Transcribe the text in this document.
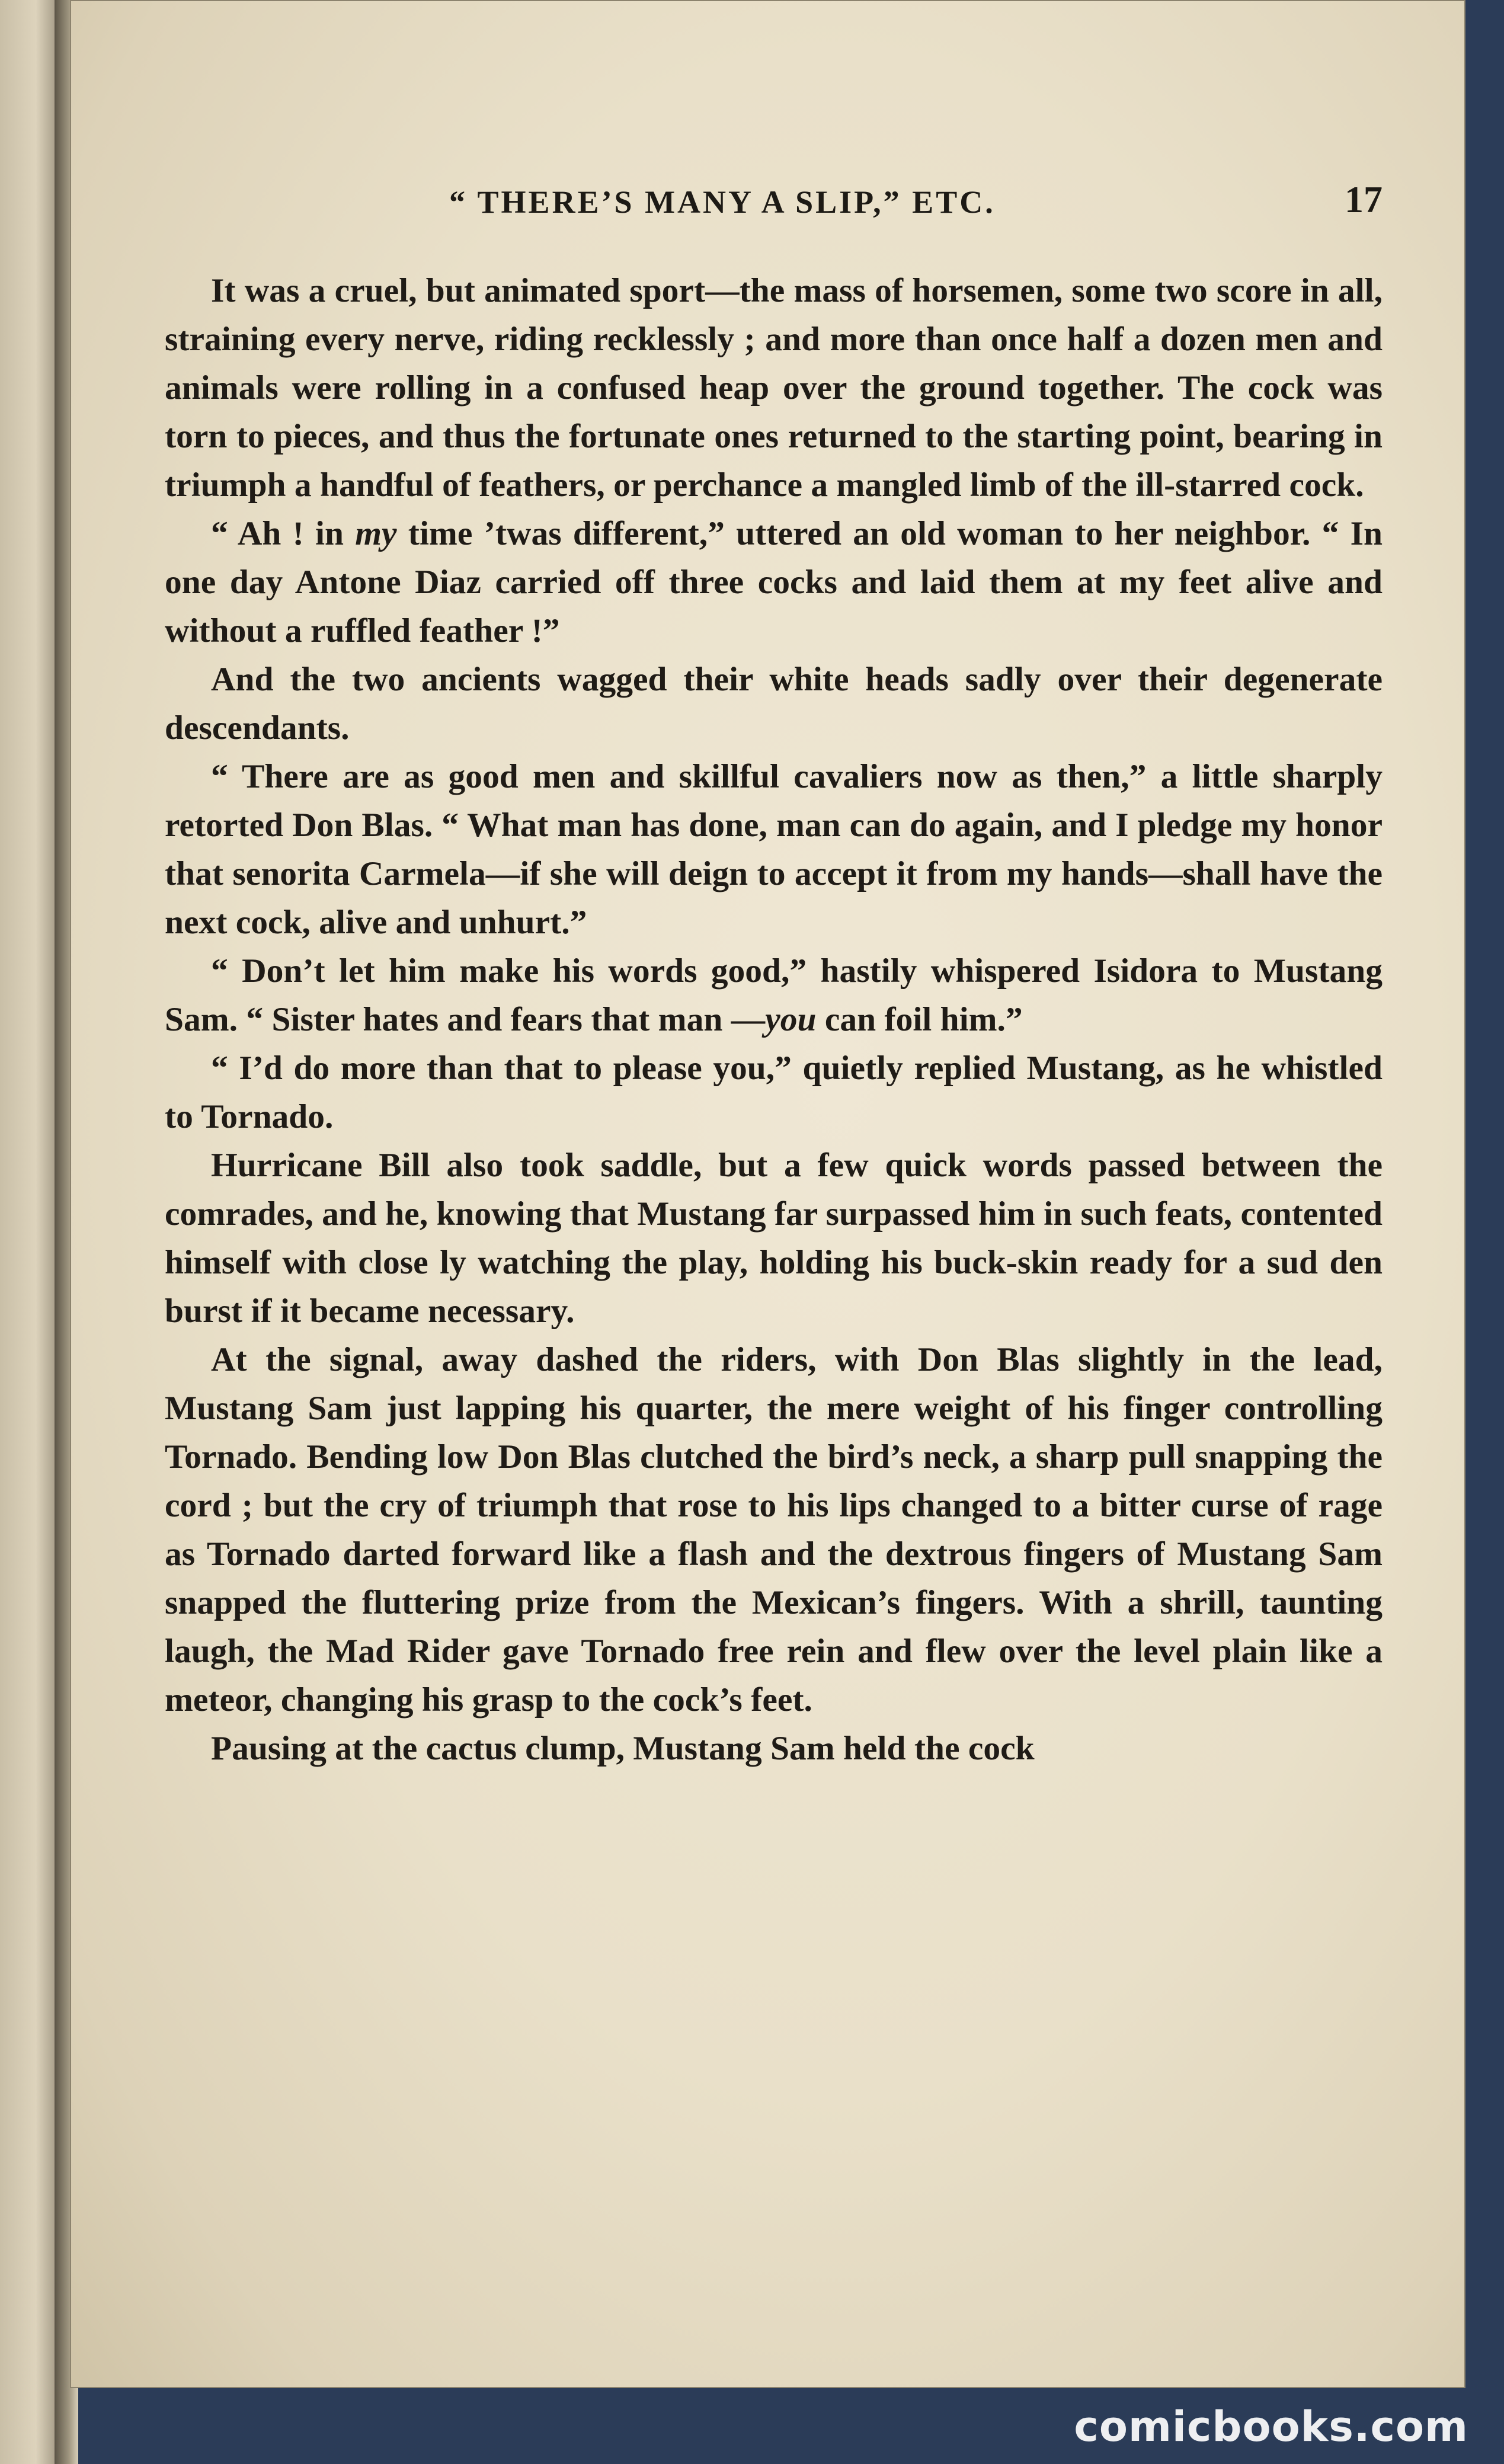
“ THERE’S MANY A SLIP,” ETC.	17

It was a cruel, but animated sport—the mass of horsemen, some two score in all, straining every nerve, riding recklessly ; and more than once half a dozen men and animals were rolling in a confused heap over the ground together. The cock was torn to pieces, and thus the fortunate ones returned to the starting point, bearing in triumph a handful of feathers, or perchance a mangled limb of the ill-starred cock.

“ Ah ! in my time ’twas different,” uttered an old woman to her neighbor. “ In one day Antone Diaz carried off three cocks and laid them at my feet alive and without a ruffled feather !”

And the two ancients wagged their white heads sadly over their degenerate descendants.

“ There are as good men and skillful cavaliers now as then,” a little sharply retorted Don Blas. “ What man has done, man can do again, and I pledge my honor that senorita Carmela—if she will deign to accept it from my hands—shall have the next cock, alive and unhurt.”

“ Don’t let him make his words good,” hastily whispered Isidora to Mustang Sam. “ Sister hates and fears that man —you can foil him.”

“ I’d do more than that to please you,” quietly replied Mustang, as he whistled to Tornado.

Hurricane Bill also took saddle, but a few quick words passed between the comrades, and he, knowing that Mustang far surpassed him in such feats, contented himself with close ly watching the play, holding his buck-skin ready for a sud den burst if it became necessary.

At the signal, away dashed the riders, with Don Blas slightly in the lead, Mustang Sam just lapping his quarter, the mere weight of his finger controlling Tornado. Bending low Don Blas clutched the bird’s neck, a sharp pull snapping the cord ; but the cry of triumph that rose to his lips changed to a bitter curse of rage as Tornado darted forward like a flash and the dextrous fingers of Mustang Sam snapped the fluttering prize from the Mexican’s fingers. With a shrill, taunting laugh, the Mad Rider gave Tornado free rein and flew over the level plain like a meteor, changing his grasp to the cock’s feet.

Pausing at the cactus clump, Mustang Sam held the cock

comicbooks.com
